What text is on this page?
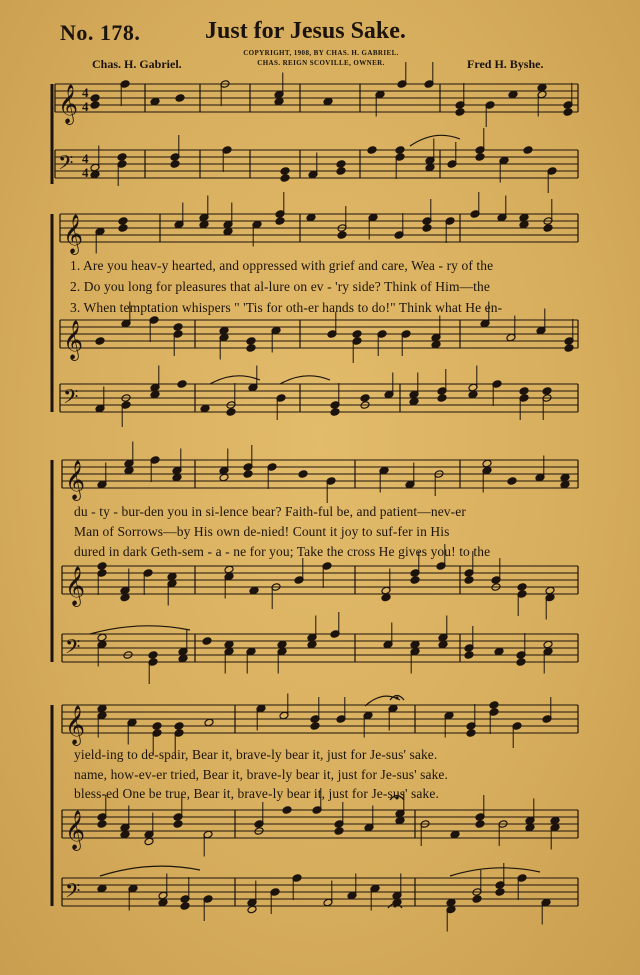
No. 178.	Just for Jesus Sake.
COPYRIGHT, 1908, BY CHAS. H. GABRIEL.
CHAS. REIGN SCOVILLE, OWNER.
Chas. H. Gabriel.	Fred H. Byshe.
𝄞
𝄢
𝄞
𝄞
𝄢
𝄞
𝄞
𝄢
𝄞
𝄞
𝄢
4
4
4
4
1. Are you heav-y hearted, and oppressed with grief and care, Wea - ry of the
2. Do you long for pleasures that al-lure on ev - 'ry side? Think of Him—the
3. When temptation whispers " 'Tis for oth-er hands to do!" Think what He en-
du - ty - bur-den you in si-lence bear? Faith-ful be, and patient—nev-er
Man of Sorrows—by His own de-nied! Count it joy to suf-fer in His
dured in dark Geth-sem - a - ne for you; Take the cross He gives you! to the
yield-ing to de-spair, Bear it, brave-ly bear it, just for Je-sus' sake.
name, how-ev-er tried, Bear it, brave-ly bear it, just for Je-sus' sake.
bless-ed One be true, Bear it, brave-ly bear it, just for Je-sus' sake.
